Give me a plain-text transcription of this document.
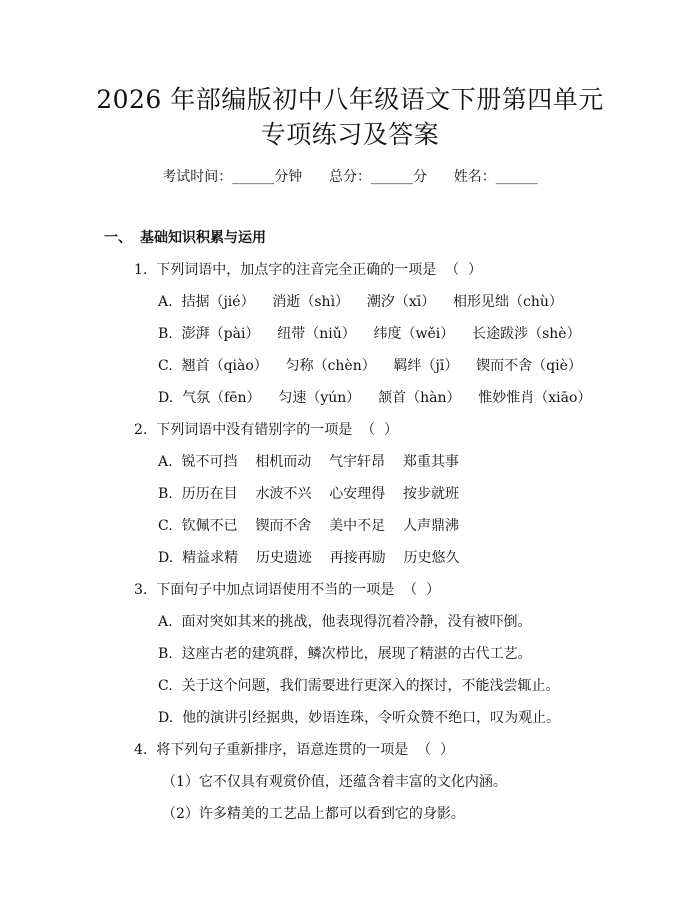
2026 年部编版初中八年级语文下册第四单元
专项练习及答案
考试时间：______分钟      总分：______分      姓名：______
一、 基础知识积累与运用
1.  下列词语中，加点字的注音完全正确的一项是  （  ）
A.  拮据（jié）    消逝（shì）    潮汐（xī）    相形见绌（chù）
B.  澎湃（pài）    纽带（niǔ）    纬度（wěi）    长途跋涉（shè）
C.  翘首（qiào）    匀称（chèn）    羁绊（jī）    锲而不舍（qiè）
D.  气氛（fēn）    匀速（yún）    颔首（hàn）    惟妙惟肖（xiāo）
2.  下列词语中没有错别字的一项是  （  ）
A.  锐不可挡    相机而动    气宇轩昂    郑重其事
B.  历历在目    水波不兴    心安理得    按步就班
C.  钦佩不已    锲而不舍    美中不足    人声鼎沸
D.  精益求精    历史遗迹    再接再励    历史悠久
3.  下面句子中加点词语使用不当的一项是  （  ）
A.  面对突如其来的挑战，他表现得沉着冷静，没有被吓倒。
B.  这座古老的建筑群，鳞次栉比，展现了精湛的古代工艺。
C.  关于这个问题，我们需要进行更深入的探讨，不能浅尝辄止。
D.  他的演讲引经据典，妙语连珠，令听众赞不绝口，叹为观止。
4.  将下列句子重新排序，语意连贯的一项是  （  ）
（1）它不仅具有观赏价值，还蕴含着丰富的文化内涵。
（2）许多精美的工艺品上都可以看到它的身影。
